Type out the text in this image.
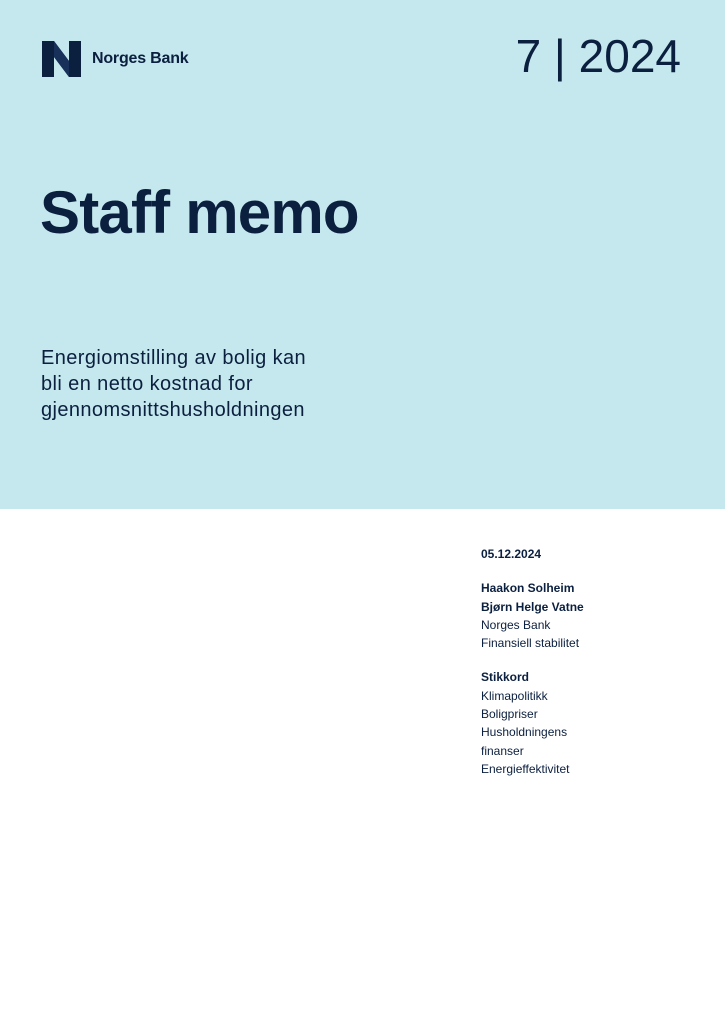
Norges Bank	7 | 2024
Staff memo

Energiomstilling av bolig kan
bli en netto kostnad for
gjennomsnittshusholdningen

05.12.2024
Haakon Solheim
Bjørn Helge Vatne
Norges Bank
Finansiell stabilitet
Stikkord
Klimapolitikk
Boligpriser
Husholdningens
finanser
Energieffektivitet
